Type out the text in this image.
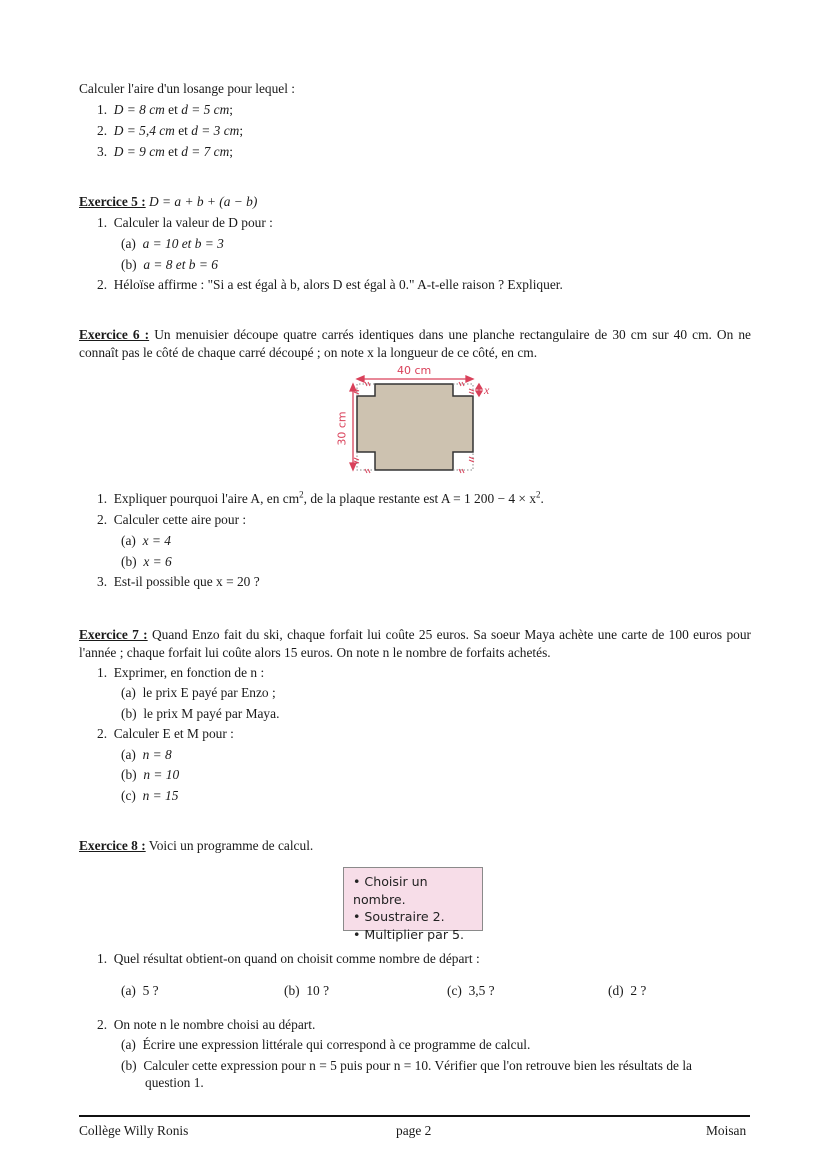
Calculer l'aire d'un losange pour lequel :
1. D = 8 cm et d = 5 cm;
2. D = 5,4 cm et d = 3 cm;
3. D = 9 cm et d = 7 cm;
Exercice 5 : D = a + b + (a − b)
1. Calculer la valeur de D pour :
(a) a = 10 et b = 3
(b) a = 8 et b = 6
2. Héloïse affirme : "Si a est égal à b, alors D est égal à 0." A-t-elle raison ? Expliquer.
Exercice 6 : Un menuisier découpe quatre carrés identiques dans une planche rectangulaire de 30 cm sur 40 cm. On ne connaît pas le côté de chaque carré découpé ; on note x la longueur de ce côté, en cm.
40 cm
30 cm
x
1. Expliquer pourquoi l'aire A, en $cm^2$, de la plaque restante est A = 1 $200 - 4 \times x^2$.
2. Calculer cette aire pour :
(a) x = 4
(b) x = 6
3. Est-il possible que x = 20 ?
Exercice 7 : Quand Enzo fait du ski, chaque forfait lui coûte 25 euros. Sa soeur Maya achète une carte de 100 euros pour l'année ; chaque forfait lui coûte alors 15 euros. On note n le nombre de forfaits achetés.
1. Exprimer, en fonction de n :
(a) le prix E payé par Enzo ;
(b) le prix M payé par Maya.
2. Calculer E et M pour :
(a) n = 8
(b) n = 10
(c) n = 15
Exercice 8 : Voici un programme de calcul.
• Choisir un nombre.
• Soustraire 2.
• Multiplier par 5.
1. Quel résultat obtient-on quand on choisit comme nombre de départ :
(a) 5 ?	(b) 10 ?	(c) 3,5 ?	(d) 2 ?
2. On note n le nombre choisi au départ.
(a) Écrire une expression littérale qui correspond à ce programme de calcul.
(b) Calculer cette expression pour n = 5 puis pour n = 10. Vérifier que l'on retrouve bien les résultats de la
question 1.
Collège Willy Ronis	page 2	Moisan
